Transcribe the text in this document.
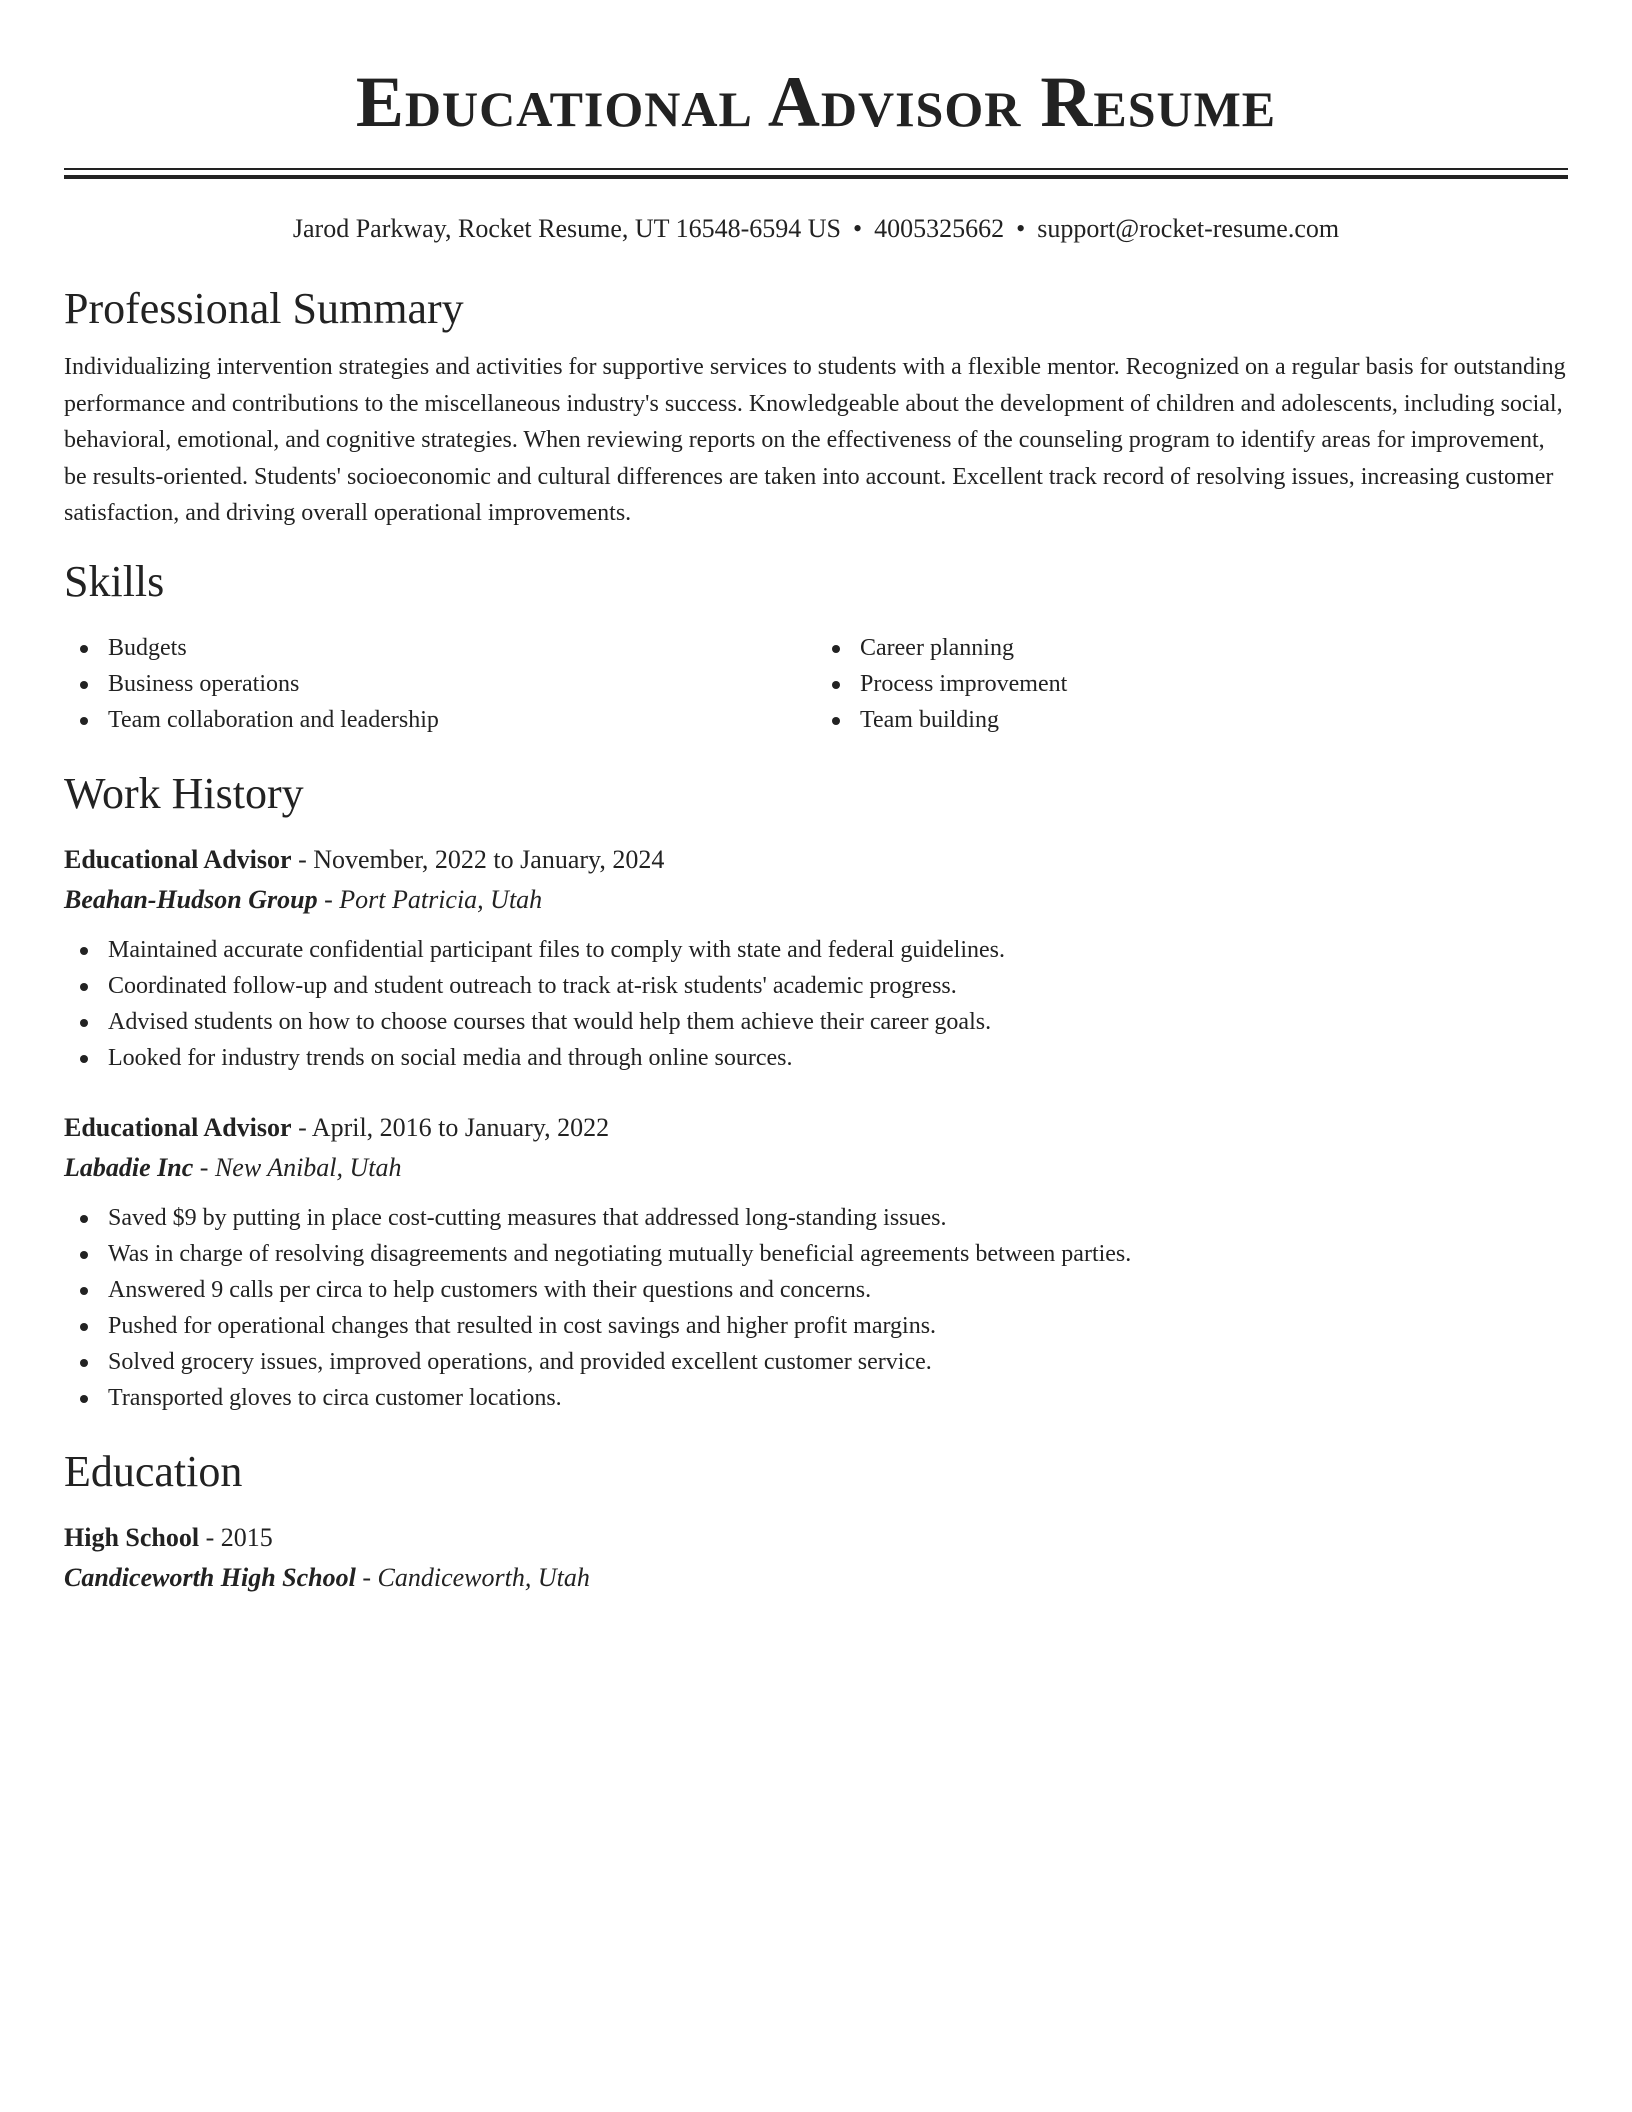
Educational Advisor Resume
Jarod Parkway, Rocket Resume, UT 16548-6594 US • 4005325662 • support@rocket-resume.com
Professional Summary

Individualizing intervention strategies and activities for supportive services to students with a flexible mentor. Recognized on a regular basis for outstanding performance and contributions to the miscellaneous industry's success. Knowledgeable about the development of children and adolescents, including social, behavioral, emotional, and cognitive strategies. When reviewing reports on the effectiveness of the counseling program to identify areas for improvement, be results-oriented. Students' socioeconomic and cultural differences are taken into account. Excellent track record of resolving issues, increasing customer satisfaction, and driving overall operational improvements.

Skills
Budgets
Business operations
Team collaboration and leadership
Career planning
Process improvement
Team building
Work History
Educational Advisor - November, 2022 to January, 2024
Beahan-Hudson Group - Port Patricia, Utah
Maintained accurate confidential participant files to comply with state and federal guidelines.
Coordinated follow-up and student outreach to track at-risk students' academic progress.
Advised students on how to choose courses that would help them achieve their career goals.
Looked for industry trends on social media and through online sources.
Educational Advisor - April, 2016 to January, 2022
Labadie Inc - New Anibal, Utah
Saved $9 by putting in place cost-cutting measures that addressed long-standing issues.
Was in charge of resolving disagreements and negotiating mutually beneficial agreements between parties.
Answered 9 calls per circa to help customers with their questions and concerns.
Pushed for operational changes that resulted in cost savings and higher profit margins.
Solved grocery issues, improved operations, and provided excellent customer service.
Transported gloves to circa customer locations.
Education
High School - 2015
Candiceworth High School - Candiceworth, Utah
